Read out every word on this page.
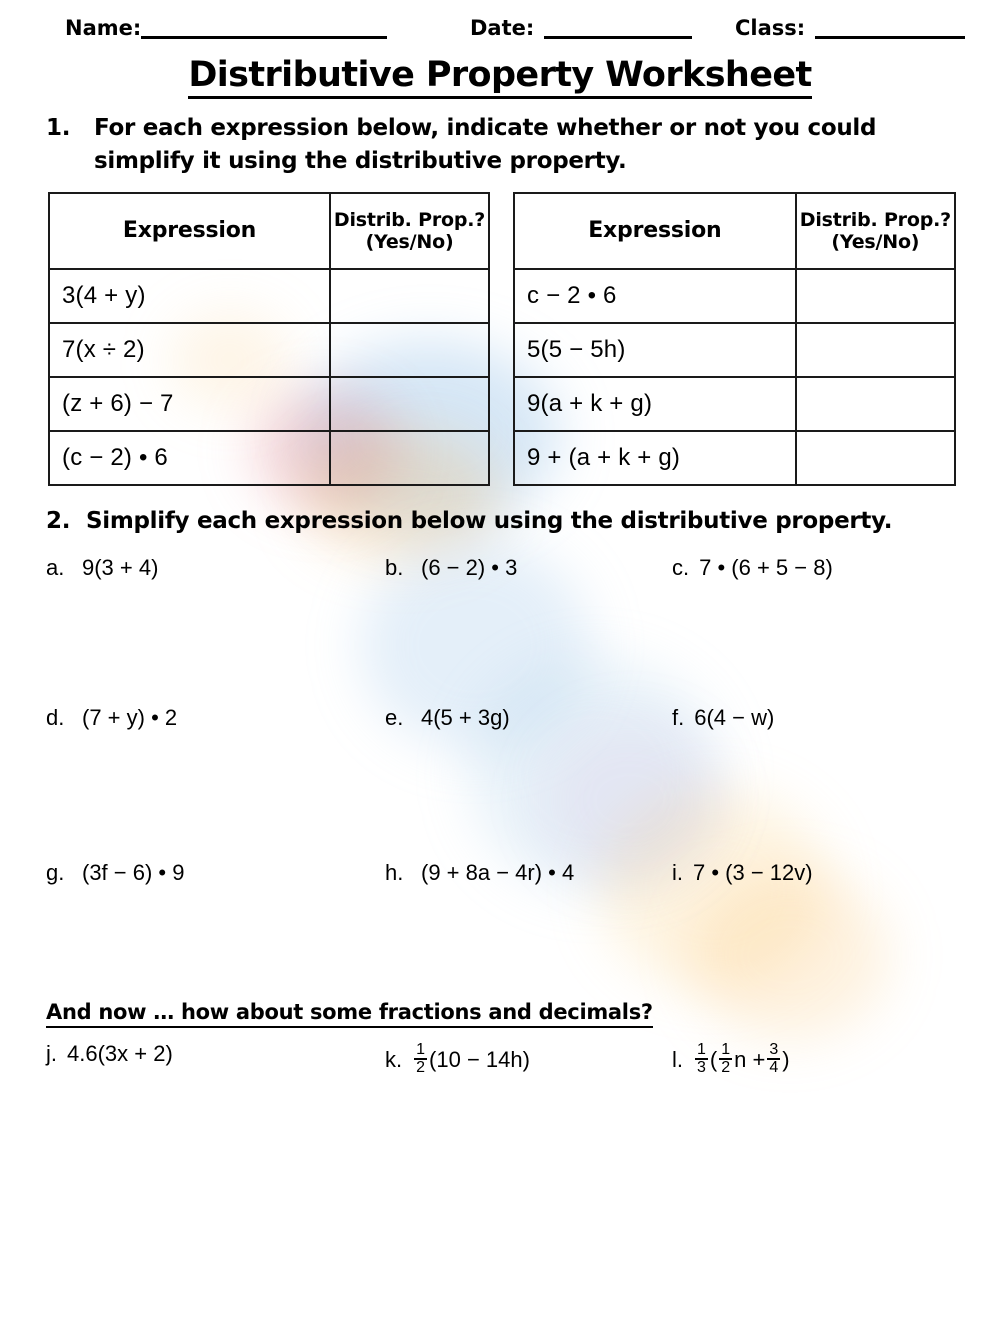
Name:	Date:	Class:
Distributive Property Worksheet
1.	For each expression below, indicate whether or not you could simplify it using the distributive property.
Expression	Distrib. Prop.?
(Yes/No)

3(4 + y)	
7(x ÷ 2)	
(z + 6) − 7	
(c − 2) • 6	
Expression	Distrib. Prop.?
(Yes/No)

c − 2 • 6	
5(5 − 5h)	
9(a + k + g)	
9 + (a + k + g)	
2. Simplify each expression below using the distributive property.
a. 9(3 + 4)	b. (6 − 2) • 3	c. 7 • (6 + 5 − 8)
d. (7 + y) • 2	e. 4(5 + 3g)	f. 6(4 − w)
g. (3f − 6) • 9	h. (9 + 8a − 4r) • 4	i. 7 • (3 − 12v)
And now … how about some fractions and decimals?
j. 4.6(3x + 2)	k. $\frac{1}{2} (10 - 14h)$	l. $\frac{1}{3}$ ( $\frac{1}{2}$ $n + \frac{3}{4}$ )
